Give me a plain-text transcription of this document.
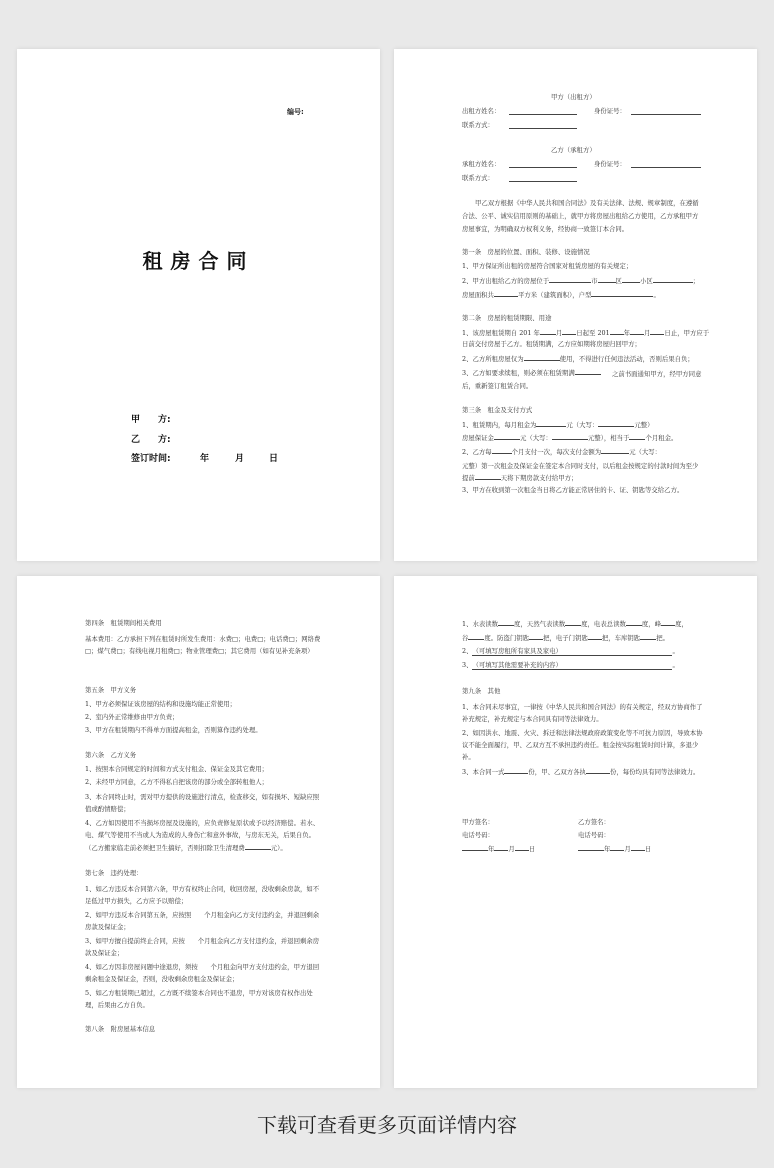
编号:
租房合同
甲　　方:
乙　　方:
签订时间:	年	月	日
甲方（出租方）
出租方姓名：	身份证号：
联系方式：
乙方（承租方）
承租方姓名：	身份证号：
联系方式：
甲乙双方根据《中华人民共和国合同法》及有关法律、法规、规章制度，在遵循合法、公平、诚实信用原则的基础上，就甲方将房屋出租给乙方使用，乙方承租甲方房屋事宜，为明确双方权利义务，经协商一致签订本合同。
第一条　房屋的位置、面积、装修、设施情况
1、甲方保证所出租的房屋符合国家对租赁房屋的有关规定；
2、甲方出租给乙方的房屋位于	市	区	小区	；
房屋面积共	平方米（建筑面积），户型	。
第二条　房屋的租赁期限、用途
1、该房屋租赁期自 201 年	月 日起至 201 年 月 日止，甲方应于
日前交付房屋于乙方。租赁期满，乙方应如期将房屋归回甲方；
2、乙方所租房屋仅为	使用，不得进行任何违法活动，否则后果自负；
3、乙方如要求续租，则必须在租赁期满	之前书面通知甲方，经甲方同意后，重新签订租赁合同。
第三条　租金及支付方式
1、租赁期内，每月租金为	元（大写：	元整）
房屋保证金	元（大写：	元整），相当于	个月租金。
2、乙方每	个月支付一次，每次支付金额为	元（大写：
元整）第一次租金及保证金在签定本合同时支付，以后租金按规定的付款时间为至少提前	天将下期房款支付给甲方；
3、甲方在收到第一次租金当日将乙方能正常居住的卡、证、钥匙等交给乙方。
第四条　租赁期间相关费用
基本费用：乙方承担下列在租赁时所发生费用：水费□；电费□；电话费□；网络费□；煤气费□；有线电视月租费□；物业管理费□；其它费用（如有见补充条项）
第五条　甲方义务
1、甲方必须保证该房屋的结构和设施均能正常使用；
2、室内外正常维修由甲方负责；
3、甲方在租赁期内不得单方面提高租金，否则算作违约处理。
第六条　乙方义务
1、按照本合同规定的时间和方式支付租金、保证金及其它费用；
2、未经甲方同意，乙方不得私自把该房的部分或全部转租他人；
3、本合同终止时，需对甲方提供的设施进行清点，检查移交，如有损坏、短缺应照值或酌情赔偿；
4、乙方如因使用不当损坏房屋及设施的，应负责修复原状或予以经济赔偿。若水、电、煤气等使用不当或人为造成的人身伤亡和意外事故，与房东无关，后果自负。
（乙方搬家临走前必须把卫生搞好，否则扣除卫生清理费	元）。
第七条　违约处理：
1、如乙方违反本合同第六条，甲方有权终止合同，收回房屋，没收剩余房款，如不足低过甲方损失，乙方应予以赔偿；
2、如甲方违反本合同第五条，应按照　　个月租金向乙方支付违约金，并退回剩余房款及保证金；
3、如甲方擅自提前终止合同，应按　　个月租金向乙方支付违约金，并退回剩余房款及保证金；
4、如乙方因非房屋问题中途退房，须按　　个月租金向甲方支付违约金，甲方退回剩余租金及保证金，否则，没收剩余房租金及保证金；
5、如乙方租赁期已超过，乙方既不续签本合同也不退房，甲方对该房有权作出处理，后果由乙方自负。
第八条　附房屋基本信息
1、水表读数	度，天然气表读数	度，电表总读数	度，峰 度，
谷	度。防盗门钥匙 把，电子门钥匙 把，车库钥匙	把。
2、（可填写房租所有家具及家电）	。
3、（可填写其他需要补充的内容）	。
第九条　其他
1、本合同未尽事宜，一律按《中华人民共和国合同法》的有关规定，经双方协商作了补充规定，补充规定与本合同具有同等法律效力。
2、如因洪水、地震、火灾、拆迁和法律法规政府政策变化等不可抗力原因，导致本协议不能全面履行，甲、乙双方互不承担违约责任。租金按实际租赁时间计算，多退少补。
3、本合同一式	份，甲、乙双方各执	份，每份均具有同等法律效力。
甲方签名：	乙方签名：
电话号码：	电话号码：
年 月 日	年 月 日
下载可查看更多页面详情内容
